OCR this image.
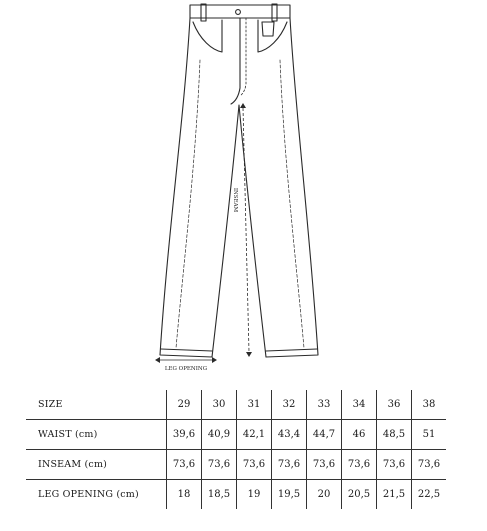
INSEAM
LEG OPENING
SIZE		29	30	31	32	33	34	36	38
WAIST (cm)		39,6	40,9	42,1	43,4	44,7	46	48,5	51
INSEAM (cm)		73,6	73,6	73,6	73,6	73,6	73,6	73,6	73,6
LEG OPENING (cm)		18	18,5	19	19,5	20	20,5	21,5	22,5
